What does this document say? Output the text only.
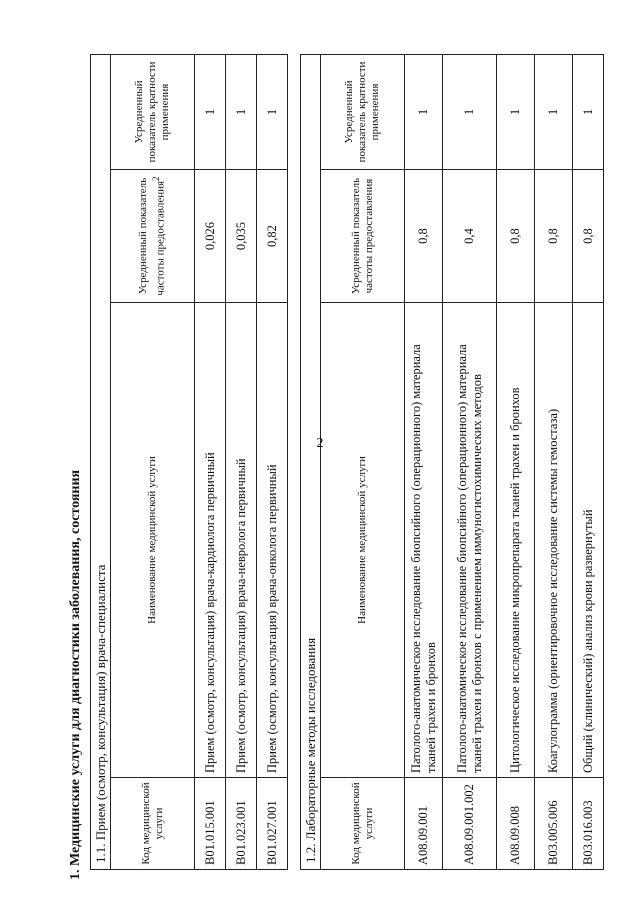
2
1. Медицинские услуги для диагностики заболевания, состояния 1.1. Прием (осмотр, консультация) врача-специалиста			
Код медицинской услуги	Наименование медицинской услуги	Усредненный показатель частоты предоставления$^2$	Усредненный показатель кратности применения
B01.015.001	Прием (осмотр, консультация) врача-кардиолога первичный	0,026	1
B01.023.001	Прием (осмотр, консультация) врача-невролога первичный	0,035	1
B01.027.001	Прием (осмотр, консультация) врача-онколога первичный	0,82	1
1.2. Лабораторные методы исследования			
Код медицинской услуги	Наименование медицинской услуги	Усредненный показатель частоты предоставления	Усредненный показатель кратности применения
A08.09.001	Патолого-анатомическое исследование биопсийного (операционного) материала тканей трахеи и бронхов	0,8	1
A08.09.001.002	Патолого-анатомическое исследование биопсийного (операционного) материала тканей трахеи и бронхов с применением иммуногистохимических методов	0,4	1
A08.09.008	Цитологическое исследование микропрепарата тканей трахеи и бронхов	0,8	1
B03.005.006	Коагулограмма (ориентировочное исследование системы гемостаза)	0,8	1
B03.016.003	Общий (клинический) анализ крови развернутый	0,8	1
